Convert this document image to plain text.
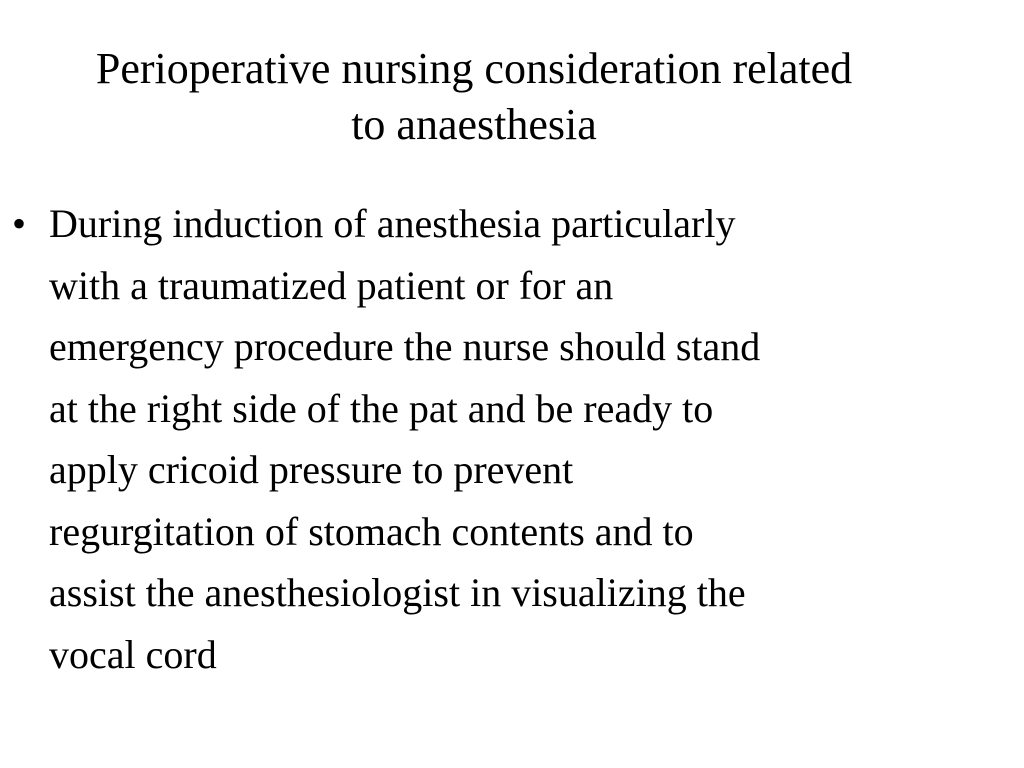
Perioperative nursing consideration related
to anaesthesia
• During induction of anesthesia particularly
with a traumatized patient or for an
emergency procedure the nurse should stand
at the right side of the pat and be ready to
apply cricoid pressure to prevent
regurgitation of stomach contents and to
assist the anesthesiologist in visualizing the
vocal cord
